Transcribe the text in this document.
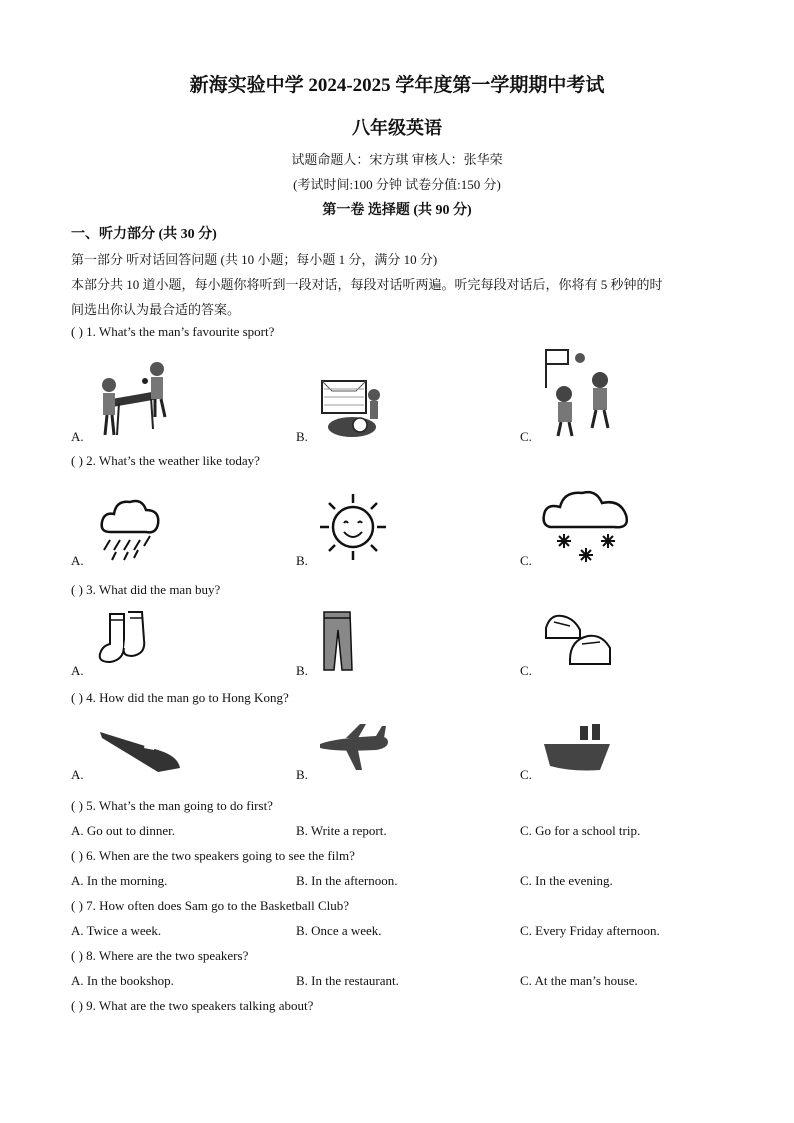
新海实验中学 2024-2025 学年度第一学期期中考试
八年级英语
试题命题人：宋方琪 审核人：张华荣
(考试时间:100 分钟 试卷分值:150 分)
第一卷 选择题 (共 90 分)
一、听力部分 (共 30 分)
第一部分 听对话回答问题 (共 10 小题；每小题 1 分，满分 10 分)
本部分共 10 道小题，每小题你将听到一段对话，每段对话听两遍。听完每段对话后，你将有 5 秒钟的时
间选出你认为最合适的答案。
( ) 1. What’s the man’s favourite sport?
A.	B.	C.
( ) 2. What’s the weather like today?
A.	B.	C.
( ) 3. What did the man buy?
A.	B.	C.
( ) 4. How did the man go to Hong Kong?
A.	B.	C.
( ) 5. What’s the man going to do first?
A. Go out to dinner.	B. Write a report.	C. Go for a school trip.
( ) 6. When are the two speakers going to see the film?
A. In the morning.	B. In the afternoon.	C. In the evening.
( ) 7. How often does Sam go to the Basketball Club?
A. Twice a week.	B. Once a week.	C. Every Friday afternoon.
( ) 8. Where are the two speakers?
A. In the bookshop.	B. In the restaurant.	C. At the man’s house.
( ) 9. What are the two speakers talking about?
